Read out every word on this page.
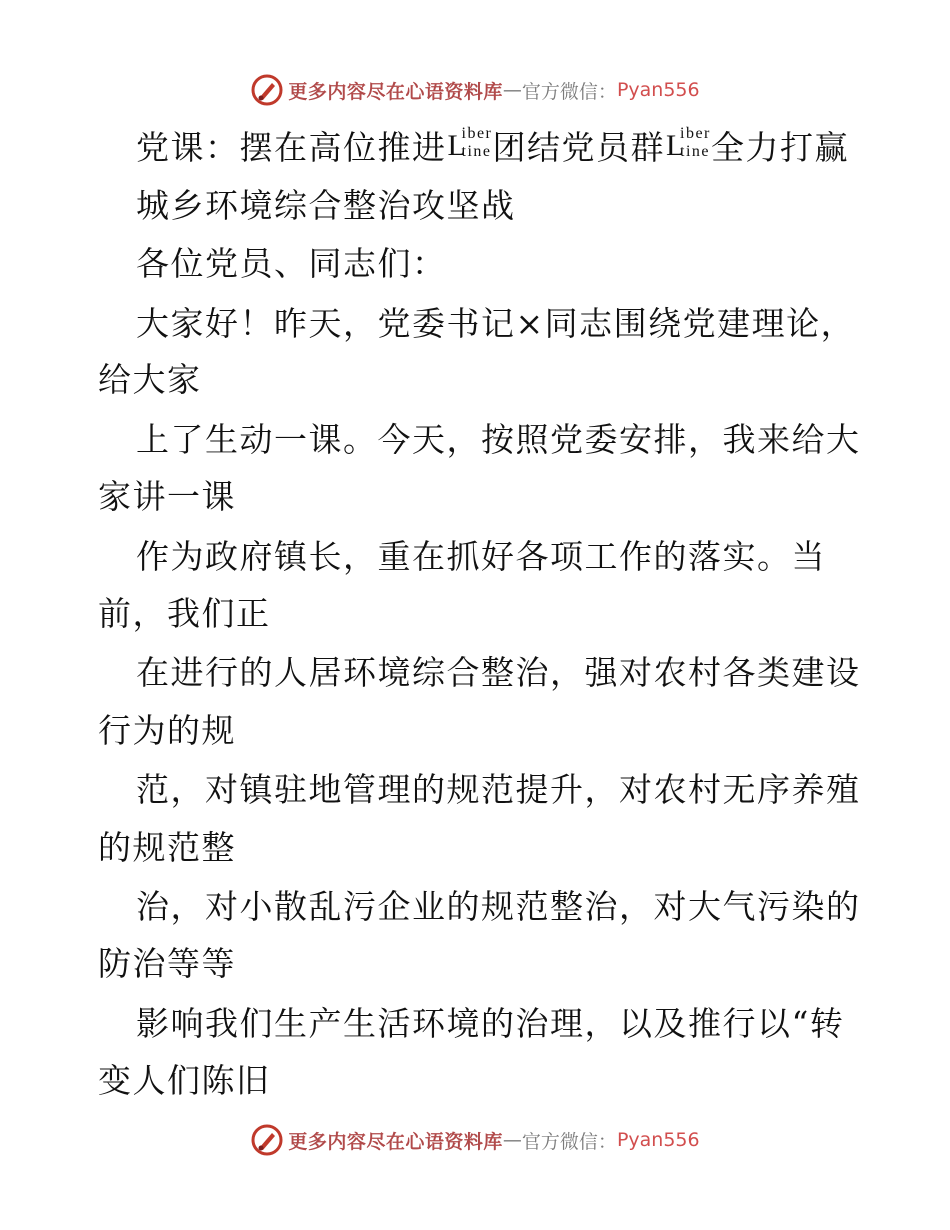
更多内容尽在心语资料库 — 官方微信： Pyan556
党课：摆在高位推进 L
iber
tine 团结党员群 L
iber
tine 全力打赢
城乡环境综合整治攻坚战
各位党员、同志们：
大家好！昨天，党委书记×同志围绕党建理论，
给大家
上了生动一课。今天，按照党委安排，我来给大
家讲一课
作为政府镇长，重在抓好各项工作的落实。当
前，我们正
在进行的人居环境综合整治，强对农村各类建设
行为的规
范，对镇驻地管理的规范提升，对农村无序养殖
的规范整
治，对小散乱污企业的规范整治，对大气污染的
防治等等
影响我们生产生活环境的治理，以及推行以“转
变人们陈旧
更多内容尽在心语资料库 — 官方微信： Pyan556
